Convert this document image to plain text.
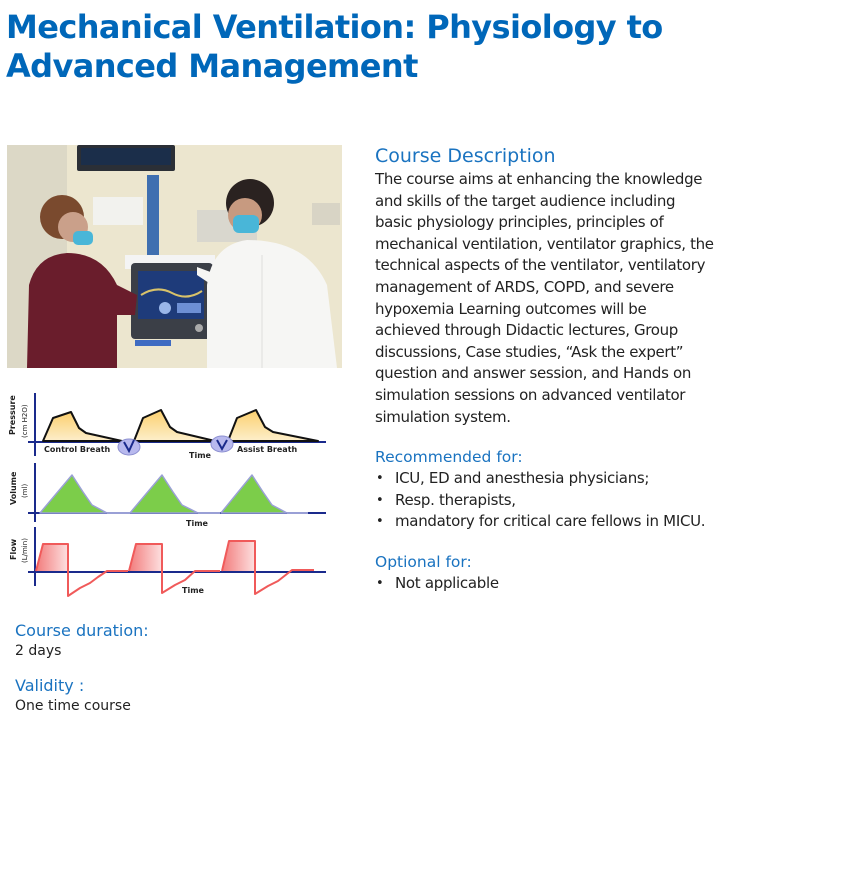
Mechanical Ventilation: Physiology to Advanced Management
Control Breath	Assist Breath
Time
Pressure (cm H2O)
Time
Volume (ml)
Time
Flow (L/min)
Course Description

The course aims at enhancing the knowledge and skills of the target audience including basic physiology principles, principles of mechanical ventilation, ventilator graphics, the technical aspects of the ventilator, ventilatory management of ARDS, COPD, and severe hypoxemia Learning outcomes will be achieved through Didactic lectures, Group discussions, Case studies, “Ask the expert” question and answer session, and Hands on simulation sessions on advanced ventilator simulation system.

Recommended for:
• ICU, ED and anesthesia physicians;
• Resp. therapists,
• mandatory for critical care fellows in MICU.
Optional for:
• Not applicable
Course duration:

2 days

Validity :

One time course
